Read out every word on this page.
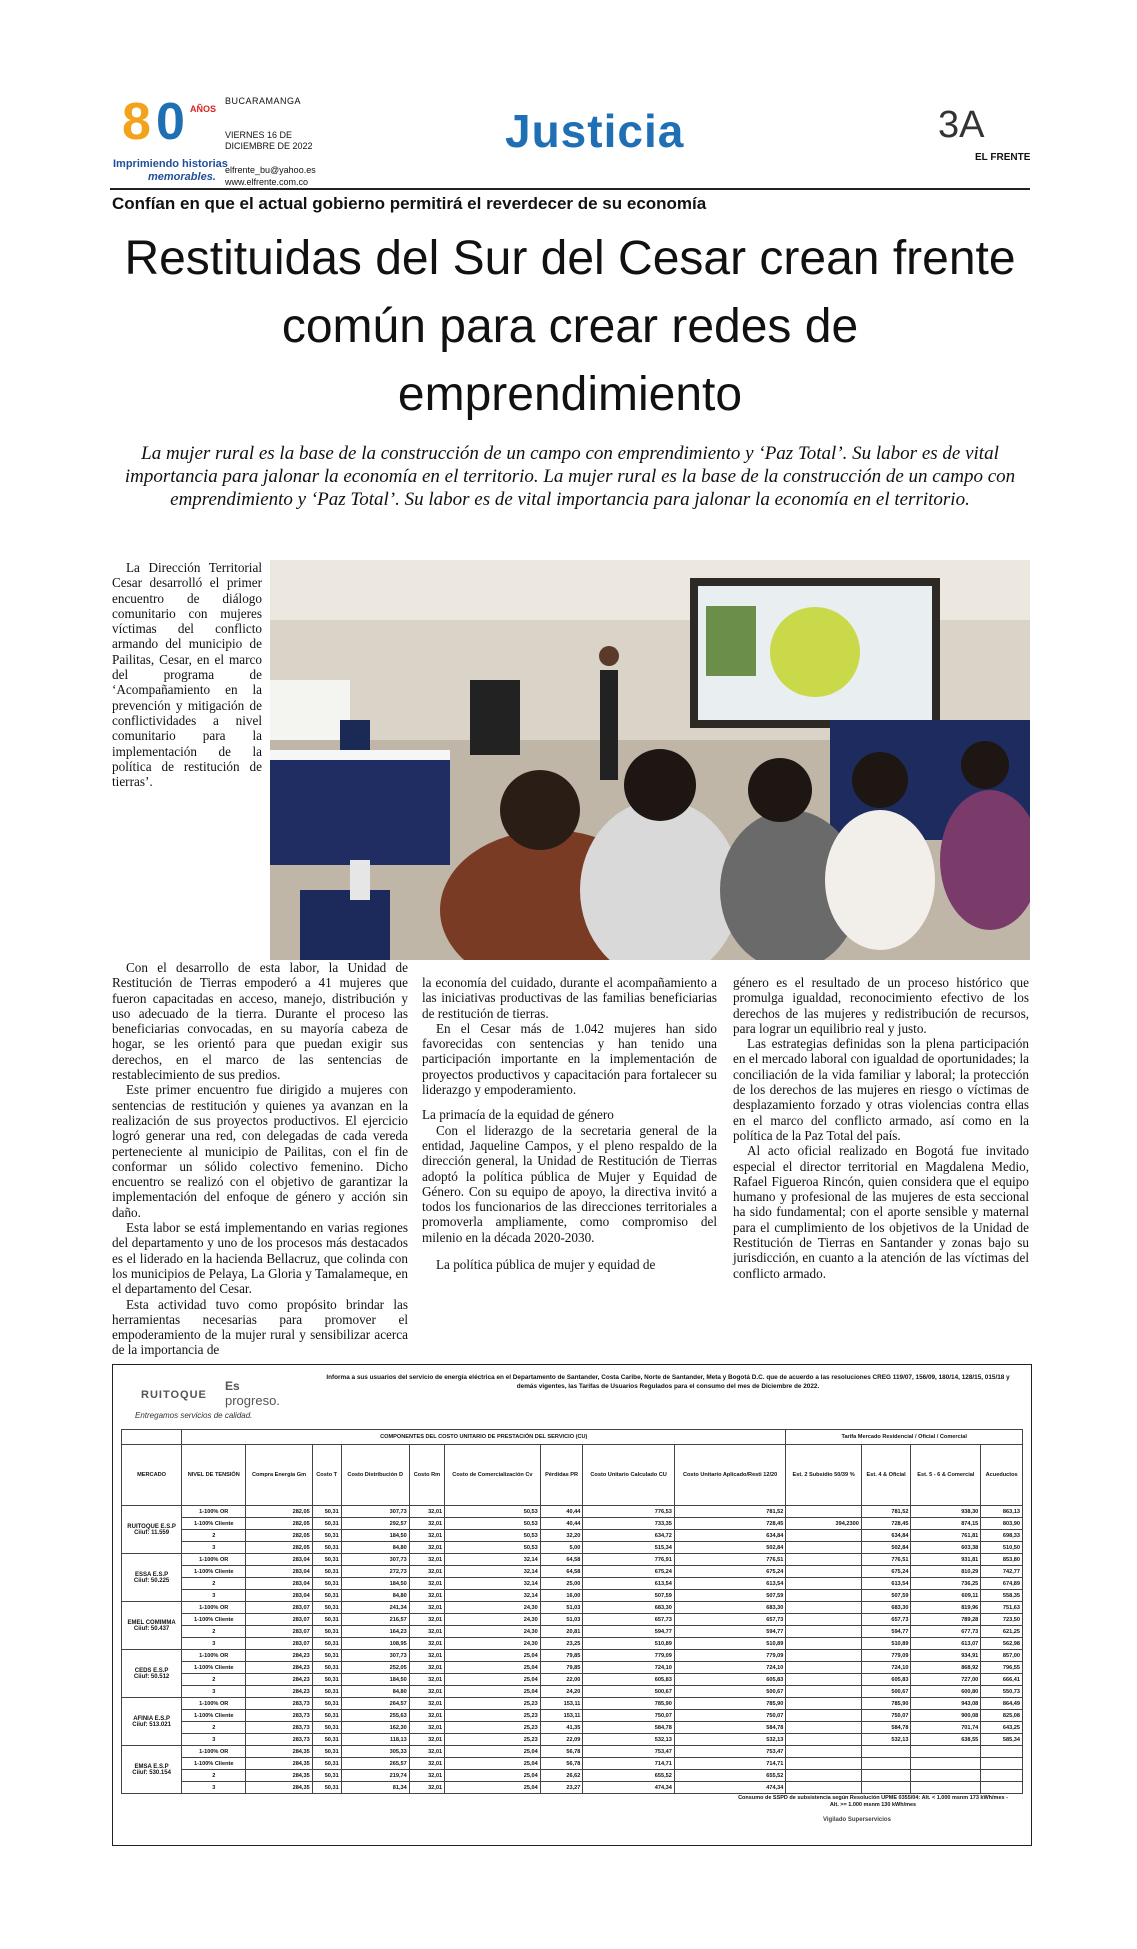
8 0 AÑOS
Imprimiendo historias
memorables.
BUCARAMANGA
VIERNES 16 DE DICIEMBRE DE 2022
elfrente_bu@yahoo.es
www.elfrente.com.co
Justicia	3A
EL FRENTE
Confían en que el actual gobierno permitirá el reverdecer de su economía
Restituidas del Sur del Cesar crean frente común para crear redes de emprendimiento
La mujer rural es la base de la construcción de un campo con emprendimiento y ‘Paz Total’. Su labor es de vital importancia para jalonar la economía en el territorio. La mujer rural es la base de la construcción de un campo con emprendimiento y ‘Paz Total’. Su labor es de vital importancia para jalonar la economía en el territorio.

La Dirección Territorial Cesar desarrolló el primer encuentro de diálogo comunitario con mujeres víctimas del conflicto armando del municipio de Pailitas, Cesar, en el marco del programa de ‘Acompañamiento en la prevención y mitigación de conflictividades a nivel comunitario para la implementación de la política de restitución de tierras’.

Con el desarrollo de esta labor, la Unidad de Restitución de Tierras empoderó a 41 mujeres que fueron capacitadas en acceso, manejo, distribución y uso adecuado de la tierra. Durante el proceso las beneficiarias convocadas, en su mayoría cabeza de hogar, se les orientó para que puedan exigir sus derechos, en el marco de las sentencias de restablecimiento de sus predios.

Este primer encuentro fue dirigido a mujeres con sentencias de restitución y quienes ya avanzan en la realización de sus proyectos productivos. El ejercicio logró generar una red, con delegadas de cada vereda perteneciente al municipio de Pailitas, con el fin de conformar un sólido colectivo femenino. Dicho encuentro se realizó con el objetivo de garantizar la implementación del enfoque de género y acción sin daño.

Esta labor se está implementando en varias regiones del departamento y uno de los procesos más destacados es el liderado en la hacienda Bellacruz, que colinda con los municipios de Pelaya, La Gloria y Tamalameque, en el departamento del Cesar.

Esta actividad tuvo como propósito brindar las herramientas necesarias para promover el empoderamiento de la mujer rural y sensibilizar acerca de la importancia de

la economía del cuidado, durante el acompañamiento a las iniciativas productivas de las familias beneficiarias de restitución de tierras.

En el Cesar más de 1.042 mujeres han sido favorecidas con sentencias y han tenido una participación importante en la implementación de proyectos productivos y capacitación para fortalecer su liderazgo y empoderamiento.

La primacía de la equidad de género

Con el liderazgo de la secretaria general de la entidad, Jaqueline Campos, y el pleno respaldo de la dirección general, la Unidad de Restitución de Tierras adoptó la política pública de Mujer y Equidad de Género. Con su equipo de apoyo, la directiva invitó a todos los funcionarios de las direcciones territoriales a promoverla ampliamente, como compromiso del milenio en la década 2020-2030.

La política pública de mujer y equidad de

género es el resultado de un proceso histórico que promulga igualdad, reconocimiento efectivo de los derechos de las mujeres y redistribución de recursos, para lograr un equilibrio real y justo.

Las estrategias definidas son la plena participación en el mercado laboral con igualdad de oportunidades; la conciliación de la vida familiar y laboral; la protección de los derechos de las mujeres en riesgo o víctimas de desplazamiento forzado y otras violencias contra ellas en el marco del conflicto armado, así como en la política de la Paz Total del país.

Al acto oficial realizado en Bogotá fue invitado especial el director territorial en Magdalena Medio, Rafael Figueroa Rincón, quien considera que el equipo humano y profesional de las mujeres de esta seccional ha sido fundamental; con el aporte sensible y maternal para el cumplimiento de los objetivos de la Unidad de Restitución de Tierras en Santander y zonas bajo su jurisdicción, en cuanto a la atención de las víctimas del conflicto armado.

RUITOQUE
Es
progreso.
Entregamos servicios de calidad.
Informa a sus usuarios del servicio de energía eléctrica en el Departamento de Santander, Costa Caribe, Norte de Santander, Meta y Bogotá D.C. que de acuerdo a las resoluciones CREG 119/07, 156/09, 180/14, 128/15, 015/18 y demás vigentes, las Tarifas de Usuarios Regulados para el consumo del mes de Diciembre de 2022.
	COMPONENTES DEL COSTO UNITARIO DE PRESTACIÓN DEL SERVICIO (CU)									Tarifa Mercado Residencial / Oficial / Comercial			
MERCADO	NIVEL DE TENSIÓN	Compra Energía Gm	Costo T	Costo Distribución D	Costo Rm	Costo de Comercialización Cv	Pérdidas PR	Costo Unitario Calculado CU	Costo Unitario Aplicado/Resti 12/20	Est. 2 Subsidio 50/39 %	Est. 4 & Oficial	Est. 5 - 6 & Comercial	Acueductos

RUITOQUE E.S.P
Ciiuf: 11.559	1-100% OR	282,05	50,31	307,73	32,01	50,53	40,44	776,53	781,52		781,52	938,30	863,13
	1-100% Cliente	282,05	50,31	292,57	32,01	50,53	40,44	733,35	728,45	394,2300	728,45	874,15	803,90
	2	282,05	50,31	184,50	32,01	50,53	32,20	634,72	634,84		634,84	761,81	698,33
	3	282,05	50,31	84,80	32,01	50,53	5,00	515,34	502,84		502,84	603,38	510,50

ESSA E.S.P
Ciiuf: 50.225	1-100% OR	283,04	50,31	307,73	32,01	32,14	64,58	776,91	776,51		776,51	931,81	853,80
	1-100% Cliente	283,04	50,31	272,73	32,01	32,14	64,58	675,24	675,24		675,24	810,29	742,77
	2	283,04	50,31	184,50	32,01	32,14	25,00	613,54	613,54		613,54	736,25	674,89
	3	283,04	50,31	84,80	32,01	32,14	16,00	507,59	507,59		507,59	609,11	558,35

EMEL COMIMMA
Ciiuf: 50.437	1-100% OR	283,07	50,31	241,34	32,01	24,30	51,03	683,30	683,30		683,30	819,96	751,63
	1-100% Cliente	283,07	50,31	216,57	32,01	24,30	51,03	657,73	657,73		657,73	789,28	723,50
	2	283,07	50,31	164,23	32,01	24,30	20,81	594,77	594,77		594,77	677,73	621,25
	3	283,07	50,31	108,95	32,01	24,30	23,25	510,89	510,89		510,89	613,07	562,98

CEDS E.S.P
Ciiuf: 50.512	1-100% OR	284,23	50,31	307,73	32,01	25,04	79,85	779,09	779,09		779,09	934,91	857,00
	1-100% Cliente	284,23	50,31	252,05	32,01	25,04	79,85	724,10	724,10		724,10	868,92	796,55
	2	284,23	50,31	184,50	32,01	25,04	22,00	605,83	605,83		605,83	727,00	666,41
	3	284,23	50,31	84,80	32,01	25,04	24,20	500,67	500,67		500,67	600,80	550,73

AFINIA E.S.P
Ciiuf: 513.021	1-100% OR	283,73	50,31	264,57	32,01	25,23	153,11	785,90	785,90		785,90	943,08	864,49
	1-100% Cliente	283,73	50,31	255,63	32,01	25,23	153,11	750,07	750,07		750,07	900,08	825,08
	2	283,73	50,31	162,30	32,01	25,23	41,35	584,78	584,78		584,78	701,74	643,25
	3	283,73	50,31	118,13	32,01	25,23	22,09	532,13	532,13		532,13	638,55	585,34

EMSA E.S.P
Ciiuf: 530.154	1-100% OR	284,35	50,31	305,33	32,01	25,04	56,78	753,47	753,47				
	1-100% Cliente	284,35	50,31	265,57	32,01	25,04	56,78	714,71	714,71				
	2	284,35	50,31	219,74	32,01	25,04	26,62	655,52	655,52				
	3	284,35	50,31	81,34	32,01	25,04	23,27	474,34	474,34				
Consumo de SSPD de subsistencia según Resolución UPME 0355/04: Alt. < 1.000 msnm 173 kWh/mes - Alt. >= 1.000 msnm 130 kWh/mes
Vigilado Superservicios
